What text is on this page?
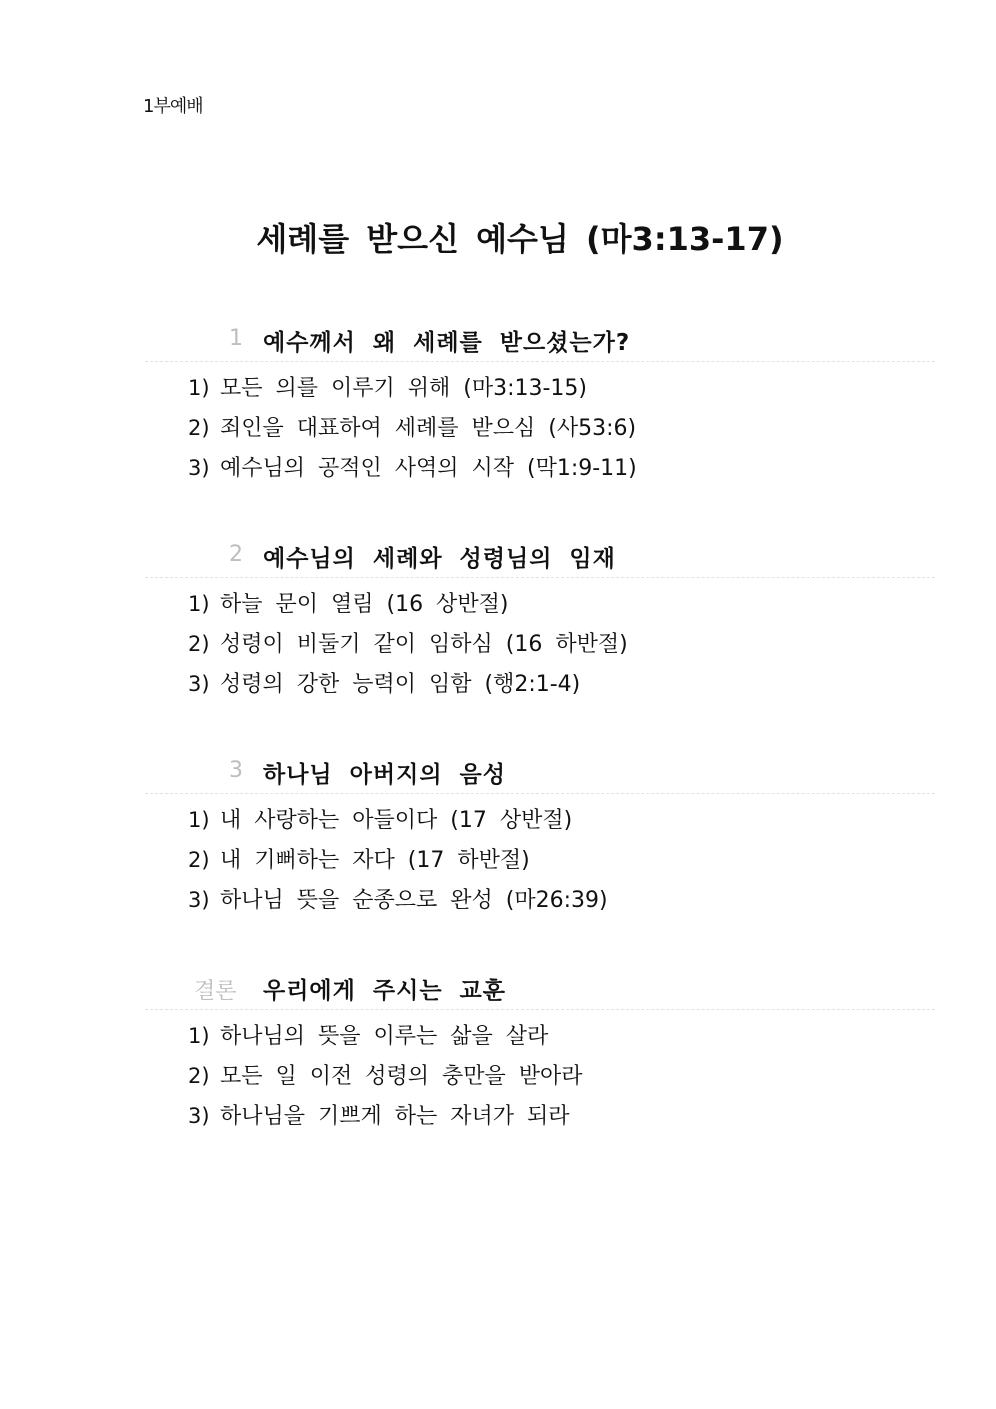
1부예배
세례를 받으신 예수님 (마3:13-17)
1 예수께서 왜 세례를 받으셨는가?
1) 모든 의를 이루기 위해 (마3:13-15)
2) 죄인을 대표하여 세례를 받으심 (사53:6)
3) 예수님의 공적인 사역의 시작 (막1:9-11)
2 예수님의 세례와 성령님의 임재
1) 하늘 문이 열림 (16 상반절)
2) 성령이 비둘기 같이 임하심 (16 하반절)
3) 성령의 강한 능력이 임함 (행2:1-4)
3 하나님 아버지의 음성
1) 내 사랑하는 아들이다 (17 상반절)
2) 내 기뻐하는 자다 (17 하반절)
3) 하나님 뜻을 순종으로 완성 (마26:39)
결론 우리에게 주시는 교훈
1) 하나님의 뜻을 이루는 삶을 살라
2) 모든 일 이전 성령의 충만을 받아라
3) 하나님을 기쁘게 하는 자녀가 되라
